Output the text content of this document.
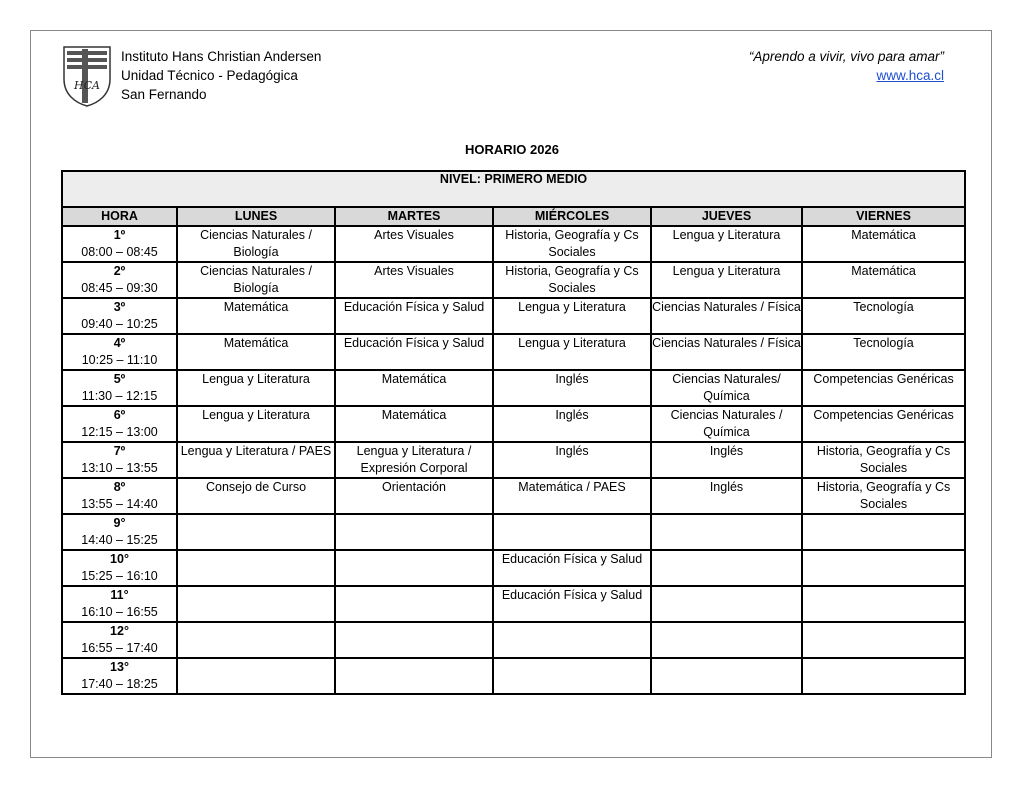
HCA
Instituto Hans Christian Andersen
Unidad Técnico - Pedagógica
San Fernando
“Aprendo a vivir, vivo para amar”
www.hca.cl
HORARIO 2026
NIVEL: PRIMERO MEDIO					
HORA	LUNES	MARTES	MIÉRCOLES	JUEVES	VIERNES

1º
08:00 – 08:45	Ciencias Naturales / Biología	Artes Visuales	Historia, Geografía y Cs Sociales	Lengua y Literatura	Matemática

2º
08:45 – 09:30	Ciencias Naturales / Biología	Artes Visuales	Historia, Geografía y Cs Sociales	Lengua y Literatura	Matemática

3º
09:40 – 10:25	Matemática	Educación Física y Salud	Lengua y Literatura	Ciencias Naturales / Física	Tecnología

4º
10:25 – 11:10	Matemática	Educación Física y Salud	Lengua y Literatura	Ciencias Naturales / Física	Tecnología

5º
11:30 – 12:15	Lengua y Literatura	Matemática	Inglés	Ciencias Naturales/ Química	Competencias Genéricas

6º
12:15 – 13:00	Lengua y Literatura	Matemática	Inglés	Ciencias Naturales / Química	Competencias Genéricas

7º
13:10 – 13:55	Lengua y Literatura / PAES	Lengua y Literatura / Expresión Corporal	Inglés	Inglés	Historia, Geografía y Cs Sociales

8º
13:55 – 14:40	Consejo de Curso	Orientación	Matemática / PAES	Inglés	Historia, Geografía y Cs Sociales

9°
14:40 – 15:25					

10°
15:25 – 16:10			Educación Física y Salud		

11°
16:10 – 16:55			Educación Física y Salud		

12°
16:55 – 17:40					

13°
17:40 – 18:25					
